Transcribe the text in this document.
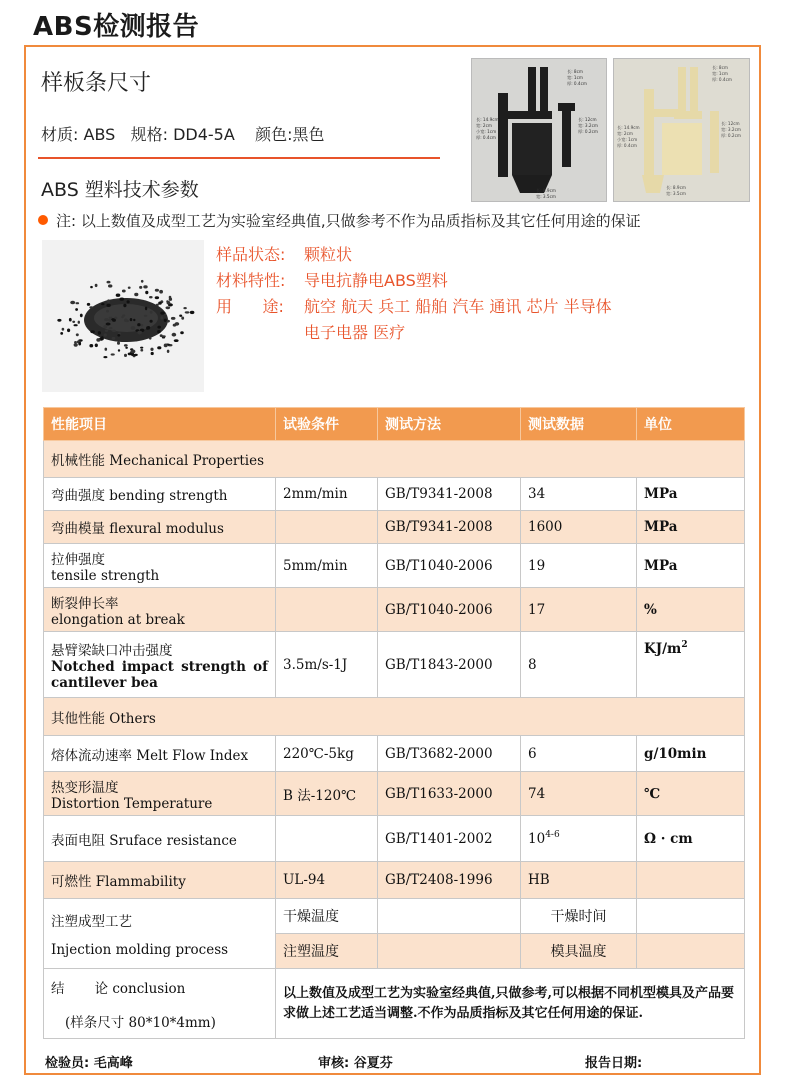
ABS检测报告
样板条尺寸
材质: ABS 规格: DD4-5A 颜色:黑色
长: 8cm
宽: 1cm
厚: 0.4cm
长: 14.9cm
宽: 2cm
小宽: 1cm
厚: 0.4cm
长: 12cm
宽: 3.2cm
厚: 0.2cm
长: 8.9cm
宽: 3.5cm
长: 8cm
宽: 1cm
厚: 0.4cm
长: 14.9cm
宽: 2cm
小宽: 1cm
厚: 0.4cm
长: 12cm
宽: 3.2cm
厚: 0.2cm
长: 8.9cm
宽: 3.5cm
ABS 塑料技术参数
注: 以上数值及成型工艺为实验室经典值,只做参考不作为品质指标及其它任何用途的保证
样品状态: 颗粒状
材料特性: 导电抗静电ABS塑料
用      途: 航空 航天 兵工 船舶 汽车 通讯 芯片 半导体
电子电器 医疗
性能项目	试验条件	测试方法	测试数据	单位
机械性能 Mechanical Properties				
弯曲强度 bending strength	2mm/min	GB/T9341-2008	34	MPa
弯曲模量 flexural modulus		GB/T9341-2008	1600	MPa

拉伸强度
tensile strength	5mm/min	GB/T1040-2006	19	MPa

断裂伸长率
elongation at break		GB/T1040-2006	17	%

悬臂梁缺口冲击强度
Notched impact strength of
cantilever bea	3.5m/s-1J	GB/T1843-2000	8	$KJ/m^2$
其他性能 Others				
熔体流动速率 Melt Flow Index	220℃-5kg	GB/T3682-2000	6	g/10min

热变形温度
Distortion Temperature	B 法-120℃	GB/T1633-2000	74	℃
表面电阻 Sruface resistance		GB/T1401-2002	10$^{4-6}$	Ω · cm
可燃性 Flammability	UL-94	GB/T2408-1996	HB	

注塑成型工艺
Injection molding process	干燥温度		干燥时间	
	注塑温度		模具温度	

结       论 conclusion
(样条尺寸 80*10*4mm)	以上数值及成型工艺为实验室经典值,只做参考,可以根据不同机型模具及产品要求做上述工艺适当调整.不作为品质指标及其它任何用途的保证.			
检验员: 毛高峰	审核: 谷夏芬	报告日期:
